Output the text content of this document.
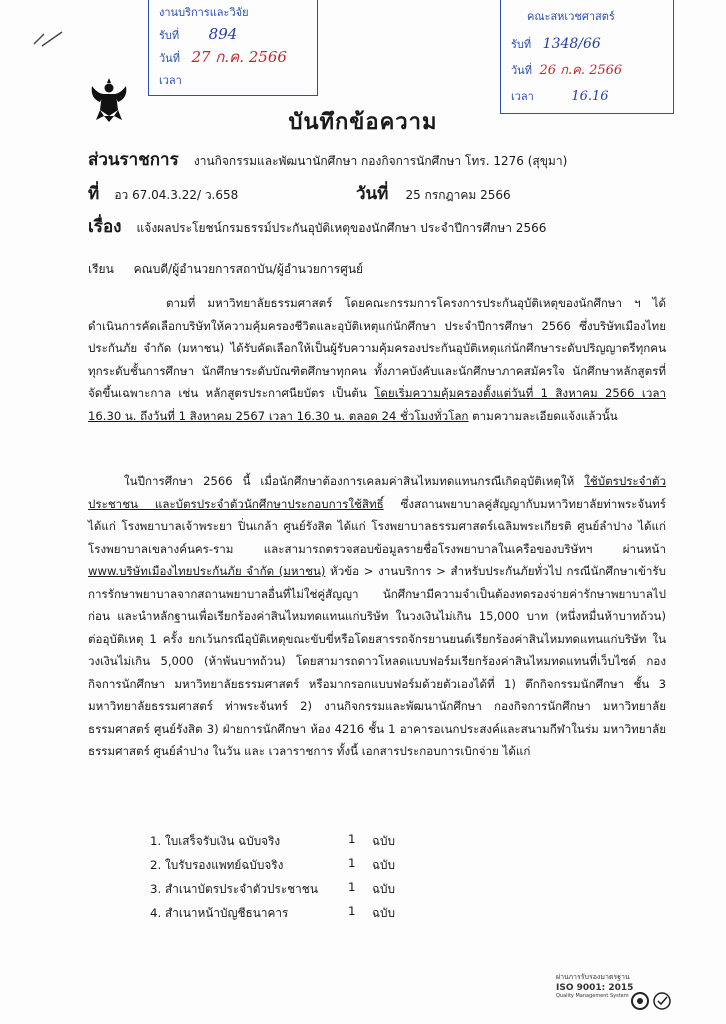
งานบริการและวิจัย
รับที่ 894
วันที่ 27 ก.ค. 2566
เวลา
คณะสหเวชศาสตร์
รับที่ 1348/66
วันที่ 26 ก.ค. 2566
เวลา	16.16
บันทึกข้อความ
ส่วนราชการ งานกิจกรรมและพัฒนานักศึกษา กองกิจการนักศึกษา โทร. 1276 (สุขุมา)
ที่ อว 67.04.3.22/ ว.658	วันที่ 25 กรกฎาคม 2566
เรื่อง แจ้งผลประโยชน์กรมธรรม์ประกันอุบัติเหตุของนักศึกษา ประจำปีการศึกษา 2566
เรียน คณบดี/ผู้อำนวยการสถาบัน/ผู้อำนวยการศูนย์

ตามที่ มหาวิทยาลัยธรรมศาสตร์ โดยคณะกรรมการโครงการประกันอุบัติเหตุของนักศึกษา ฯ ได้ดำเนินการคัดเลือกบริษัทให้ความคุ้มครองชีวิตและอุบัติเหตุแก่นักศึกษา ประจำปีการศึกษา 2566 ซึ่งบริษัทเมืองไทยประกันภัย จำกัด (มหาชน) ได้รับคัดเลือกให้เป็นผู้รับความคุ้มครองประกันอุบัติเหตุแก่นักศึกษาระดับปริญญาตรีทุกคน ทุกระดับชั้นการศึกษา นักศึกษาระดับบัณฑิตศึกษาทุกคน ทั้งภาคบังคับและนักศึกษาภาคสมัครใจ นักศึกษาหลักสูตรที่จัดขึ้นเฉพาะกาล เช่น หลักสูตรประกาศนียบัตร เป็นต้น โดยเริ่มความคุ้มครองตั้งแต่วันที่ 1 สิงหาคม 2566 เวลา 16.30 น. ถึงวันที่ 1 สิงหาคม 2567 เวลา 16.30 น. ตลอด 24 ชั่วโมงทั่วโลก ตามความละเอียดแจ้งแล้วนั้น

ในปีการศึกษา 2566 นี้ เมื่อนักศึกษาต้องการเคลมค่าสินไหมทดแทนกรณีเกิดอุบัติเหตุให้ ใช้บัตรประจำตัวประชาชน และบัตรประจำตัวนักศึกษาประกอบการใช้สิทธิ์ ซึ่งสถานพยาบาลคู่สัญญากับมหาวิทยาลัยท่าพระจันทร์ ได้แก่ โรงพยาบาลเจ้าพระยา ปิ่นเกล้า ศูนย์รังสิต ได้แก่ โรงพยาบาลธรรมศาสตร์เฉลิมพระเกียรติ ศูนย์ลำปาง ได้แก่ โรงพยาบาลเขลางค์นคร-ราม และสามารถตรวจสอบข้อมูลรายชื่อโรงพยาบาลในเครือของบริษัทฯ ผ่านหน้า www.บริษัทเมืองไทยประกันภัย จำกัด (มหาชน) หัวข้อ > งานบริการ > สำหรับประกันภัยทั่วไป กรณีนักศึกษาเข้ารับการรักษาพยาบาลจากสถานพยาบาลอื่นที่ไม่ใช่คู่สัญญา นักศึกษามีความจำเป็นต้องทดรองจ่ายค่ารักษาพยาบาลไปก่อน และนำหลักฐานเพื่อเรียกร้องค่าสินไหมทดแทนแก่บริษัท ในวงเงินไม่เกิน 15,000 บาท (หนึ่งหมื่นห้าบาทถ้วน) ต่ออุบัติเหตุ 1 ครั้ง ยกเว้นกรณีอุบัติเหตุขณะขับขี่หรือโดยสารรถจักรยานยนต์เรียกร้องค่าสินไหมทดแทนแก่บริษัท ในวงเงินไม่เกิน 5,000 (ห้าพันบาทถ้วน) โดยสามารถดาวโหลดแบบฟอร์มเรียกร้องค่าสินไหมทดแทนที่เว็บไซต์ กองกิจการนักศึกษา มหาวิทยาลัยธรรมศาสตร์ หรือมากรอกแบบฟอร์มด้วยตัวเองได้ที่ 1) ตึกกิจกรรมนักศึกษา ชั้น 3 มหาวิทยาลัยธรรมศาสตร์ ท่าพระจันทร์ 2) งานกิจกรรมและพัฒนานักศึกษา กองกิจการนักศึกษา มหาวิทยาลัยธรรมศาสตร์ ศูนย์รังสิต 3) ฝ่ายการนักศึกษา ห้อง 4216 ชั้น 1 อาคารอเนกประสงค์และสนามกีฬาในร่ม มหาวิทยาลัยธรรมศาสตร์ ศูนย์ลำปาง ในวัน และ เวลาราชการ ทั้งนี้ เอกสารประกอบการเบิกจ่าย ได้แก่

1. ใบเสร็จรับเงิน ฉบับจริง	1 ฉบับ
2. ใบรับรองแพทย์ฉบับจริง	1 ฉบับ
3. สำเนาบัตรประจำตัวประชาชน	1 ฉบับ
4. สำเนาหน้าบัญชีธนาคาร	1 ฉบับ
ผ่านการรับรองมาตรฐาน
ISO 9001: 2015
Quality Management System
